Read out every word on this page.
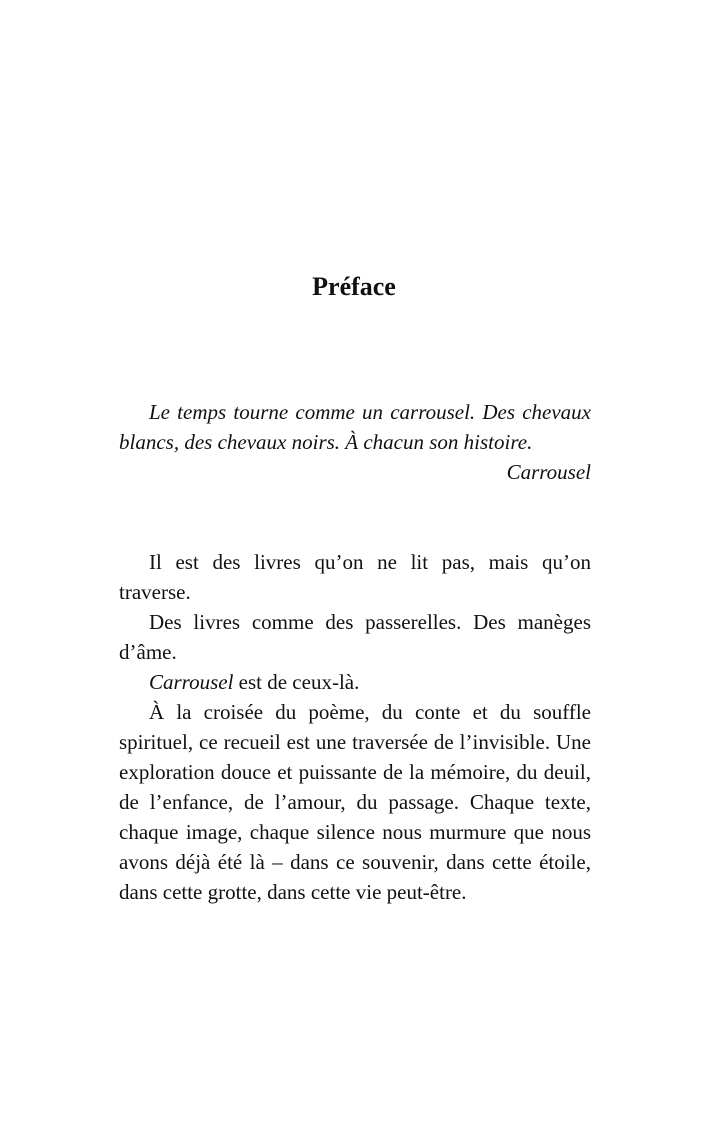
Préface

Le temps tourne comme un carrousel. Des chevaux blancs, des chevaux noirs. À chacun son histoire.

Carrousel

Il est des livres qu’on ne lit pas, mais qu’on traverse.

Des livres comme des passerelles. Des manèges d’âme.

Carrousel est de ceux-là.

À la croisée du poème, du conte et du souffle spirituel, ce recueil est une traversée de l’invisible. Une exploration douce et puissante de la mémoire, du deuil, de l’enfance, de l’amour, du passage. Chaque texte, chaque image, chaque silence nous murmure que nous avons déjà été là – dans ce souvenir, dans cette étoile, dans cette grotte, dans cette vie peut-être.
